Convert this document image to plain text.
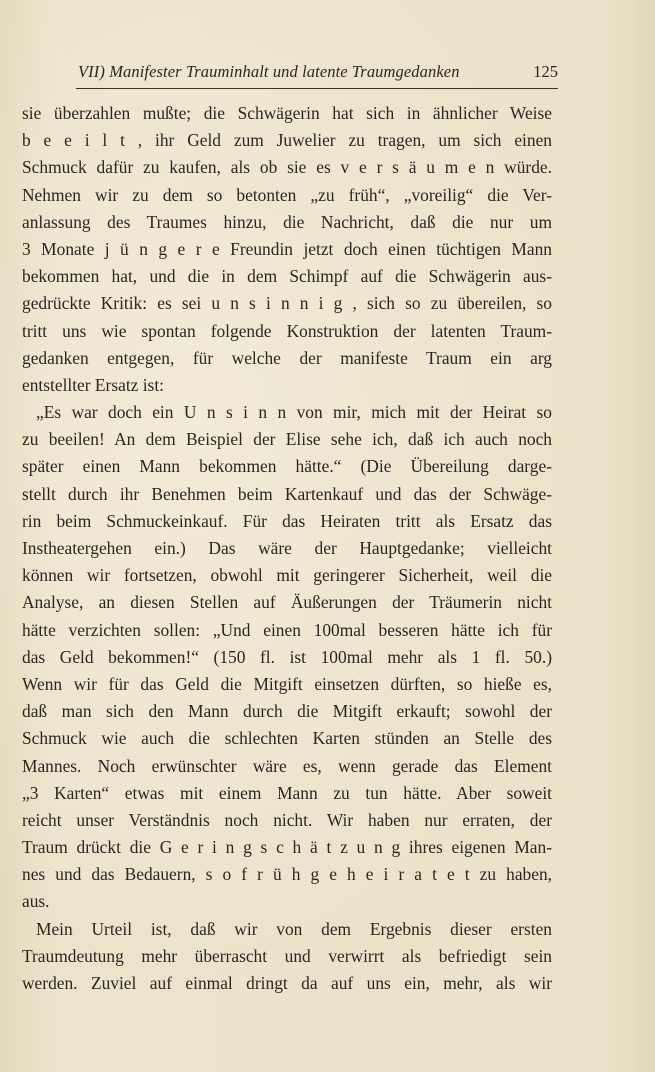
VII) Manifester Trauminhalt und latente Traumgedanken	125
sie überzahlen mußte; die Schwägerin hat sich in ähnlicher Weise
b e e i l t , ihr Geld zum Juwelier zu tragen, um sich einen
Schmuck dafür zu kaufen, als ob sie es v e r s ä u m e n würde.
Nehmen wir zu dem so betonten „zu früh“, „voreilig“ die Ver-
anlassung des Traumes hinzu, die Nachricht, daß die nur um
3 Monate j ü n g e r e Freundin jetzt doch einen tüchtigen Mann
bekommen hat, und die in dem Schimpf auf die Schwägerin aus-
gedrückte Kritik: es sei u n s i n n i g , sich so zu übereilen, so
tritt uns wie spontan folgende Konstruktion der latenten Traum-
gedanken entgegen, für welche der manifeste Traum ein arg
entstellter Ersatz ist:
„Es war doch ein U n s i n n von mir, mich mit der Heirat so
zu beeilen! An dem Beispiel der Elise sehe ich, daß ich auch noch
später einen Mann bekommen hätte.“ (Die Übereilung darge-
stellt durch ihr Benehmen beim Kartenkauf und das der Schwäge-
rin beim Schmuckeinkauf. Für das Heiraten tritt als Ersatz das
Instheatergehen ein.) Das wäre der Hauptgedanke; vielleicht
können wir fortsetzen, obwohl mit geringerer Sicherheit, weil die
Analyse, an diesen Stellen auf Äußerungen der Träumerin nicht
hätte verzichten sollen: „Und einen 100mal besseren hätte ich für
das Geld bekommen!“ (150 fl. ist 100mal mehr als 1 fl. 50.)
Wenn wir für das Geld die Mitgift einsetzen dürften, so hieße es,
daß man sich den Mann durch die Mitgift erkauft; sowohl der
Schmuck wie auch die schlechten Karten stünden an Stelle des
Mannes. Noch erwünschter wäre es, wenn gerade das Element
„3 Karten“ etwas mit einem Mann zu tun hätte. Aber soweit
reicht unser Verständnis noch nicht. Wir haben nur erraten, der
Traum drückt die G e r i n g s c h ä t z u n g ihres eigenen Man-
nes und das Bedauern, s o f r ü h g e h e i r a t e t zu haben,
aus.
Mein Urteil ist, daß wir von dem Ergebnis dieser ersten
Traumdeutung mehr überrascht und verwirrt als befriedigt sein
werden. Zuviel auf einmal dringt da auf uns ein, mehr, als wir
